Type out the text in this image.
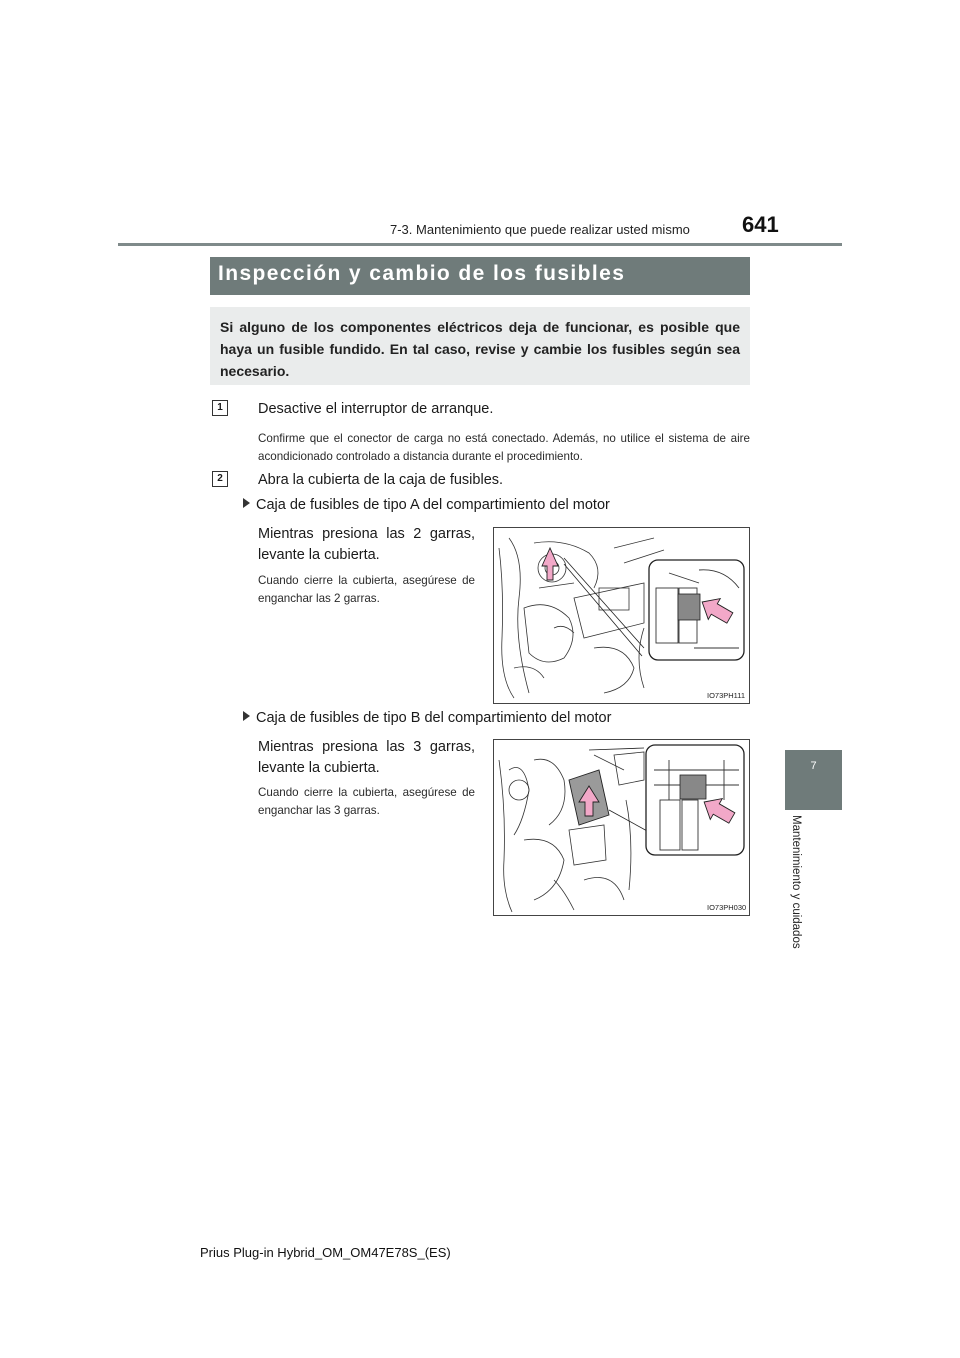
7-3. Mantenimiento que puede realizar usted mismo 641
Inspección y cambio de los fusibles
Si alguno de los componentes eléctricos deja de funcionar, es posible que haya un fusible fundido. En tal caso, revise y cambie los fusibles según sea necesario.
1	Desactive el interruptor de arranque.
Confirme que el conector de carga no está conectado. Además, no utilice el sistema de aire acondicionado controlado a distancia durante el procedimiento.
2	Abra la cubierta de la caja de fusibles.
Caja de fusibles de tipo A del compartimiento del motor
Mientras presiona las 2 garras, levante la cubierta.
Cuando cierre la cubierta, asegúrese de enganchar las 2 garras.
IO73PH111
Caja de fusibles de tipo B del compartimiento del motor
Mientras presiona las 3 garras, levante la cubierta.
Cuando cierre la cubierta, asegúrese de enganchar las 3 garras.
IO73PH030
7
Mantenimiento y cuidados
Prius Plug-in Hybrid_OM_OM47E78S_(ES)
